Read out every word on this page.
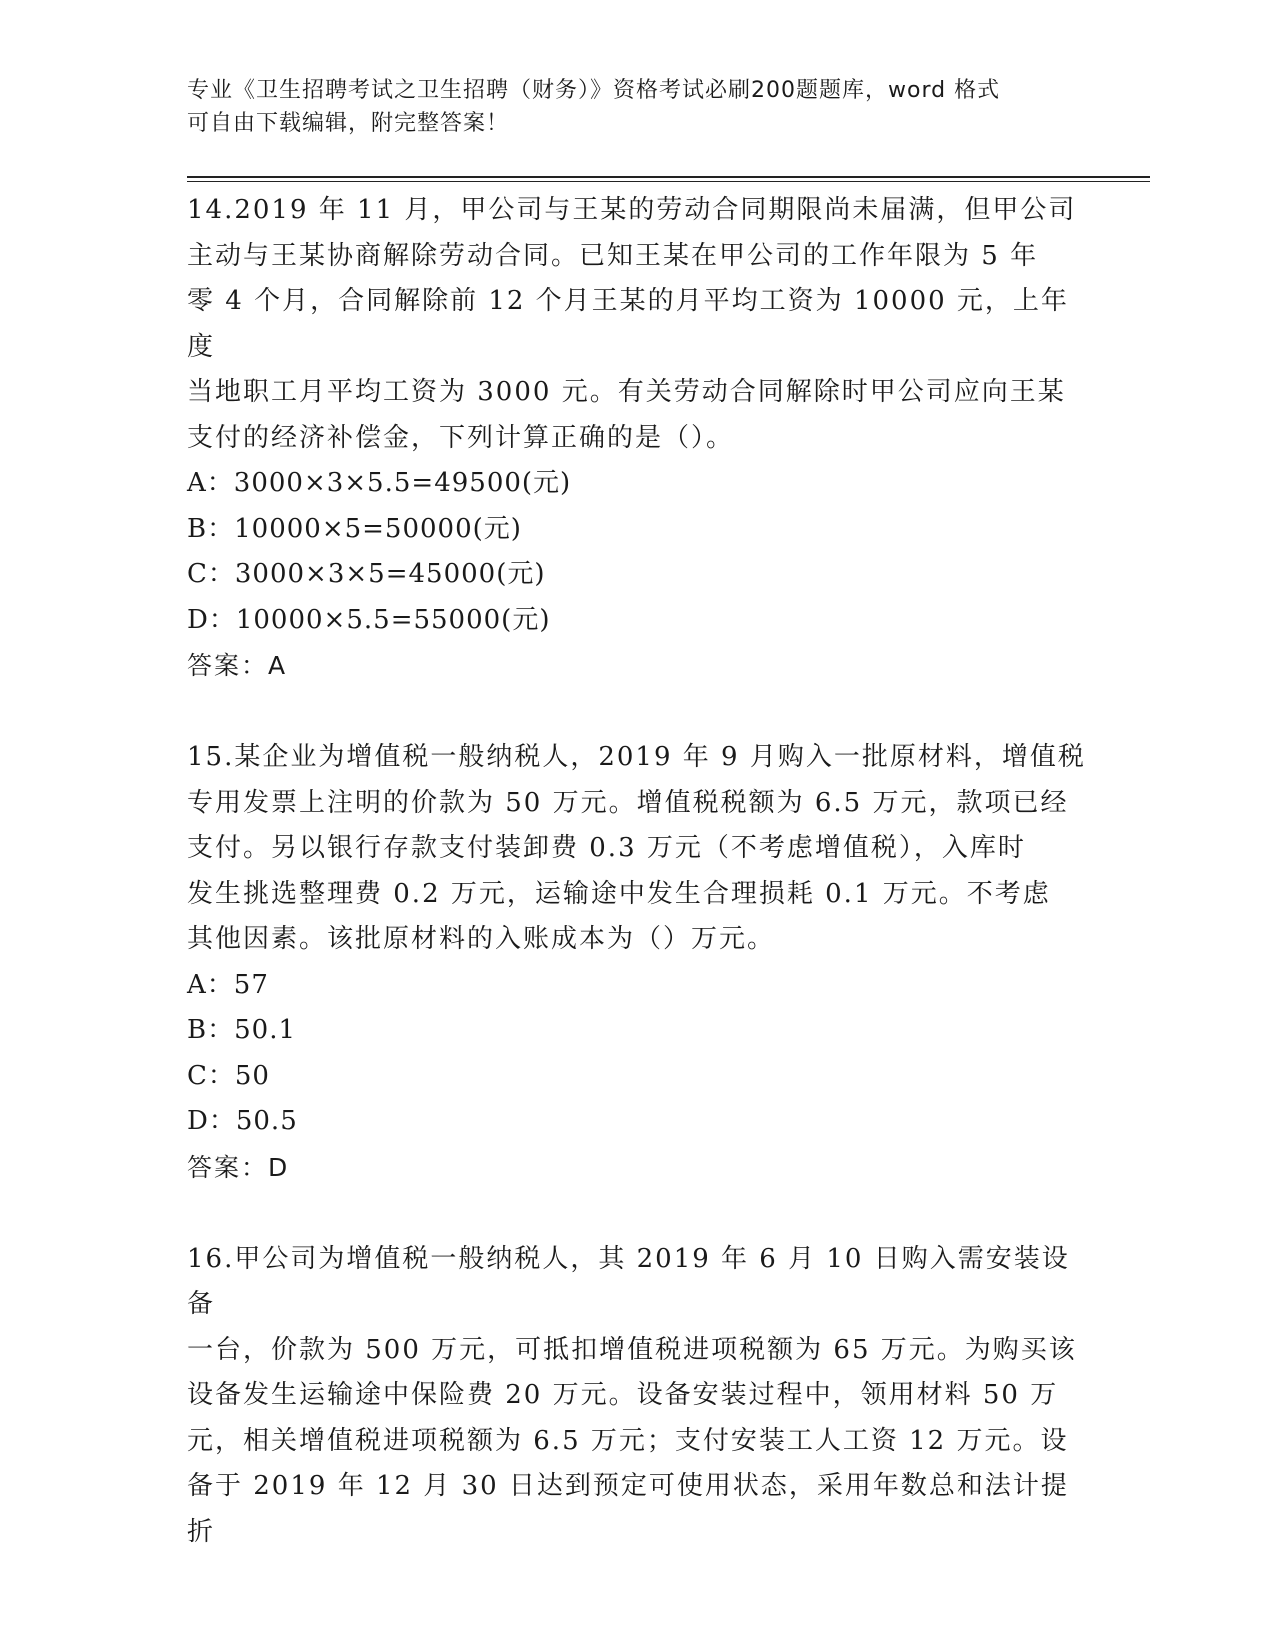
专业《卫生招聘考试之卫生招聘（财务）》资格考试必刷200题题库，word 格式
可自由下载编辑，附完整答案！
14.2019 年 11 月，甲公司与王某的劳动合同期限尚未届满，但甲公司
主动与王某协商解除劳动合同。已知王某在甲公司的工作年限为 5 年
零 4 个月，合同解除前 12 个月王某的月平均工资为 10000 元，上年度
当地职工月平均工资为 3000 元。有关劳动合同解除时甲公司应向王某
支付的经济补偿金，下列计算正确的是（）。
A：3000×3×5.5=49500(元)
B：10000×5=50000(元)
C：3000×3×5=45000(元)
D：10000×5.5=55000(元)
答案：A
15.某企业为增值税一般纳税人，2019 年 9 月购入一批原材料，增值税
专用发票上注明的价款为 50 万元。增值税税额为 6.5 万元，款项已经
支付。另以银行存款支付装卸费 0.3 万元（不考虑增值税），入库时
发生挑选整理费 0.2 万元，运输途中发生合理损耗 0.1 万元。不考虑
其他因素。该批原材料的入账成本为（）万元。
A：57
B：50.1
C：50
D：50.5
答案：D
16.甲公司为增值税一般纳税人，其 2019 年 6 月 10 日购入需安装设备
一台，价款为 500 万元，可抵扣增值税进项税额为 65 万元。为购买该
设备发生运输途中保险费 20 万元。设备安装过程中，领用材料 50 万
元，相关增值税进项税额为 6.5 万元；支付安装工人工资 12 万元。设
备于 2019 年 12 月 30 日达到预定可使用状态，采用年数总和法计提折
